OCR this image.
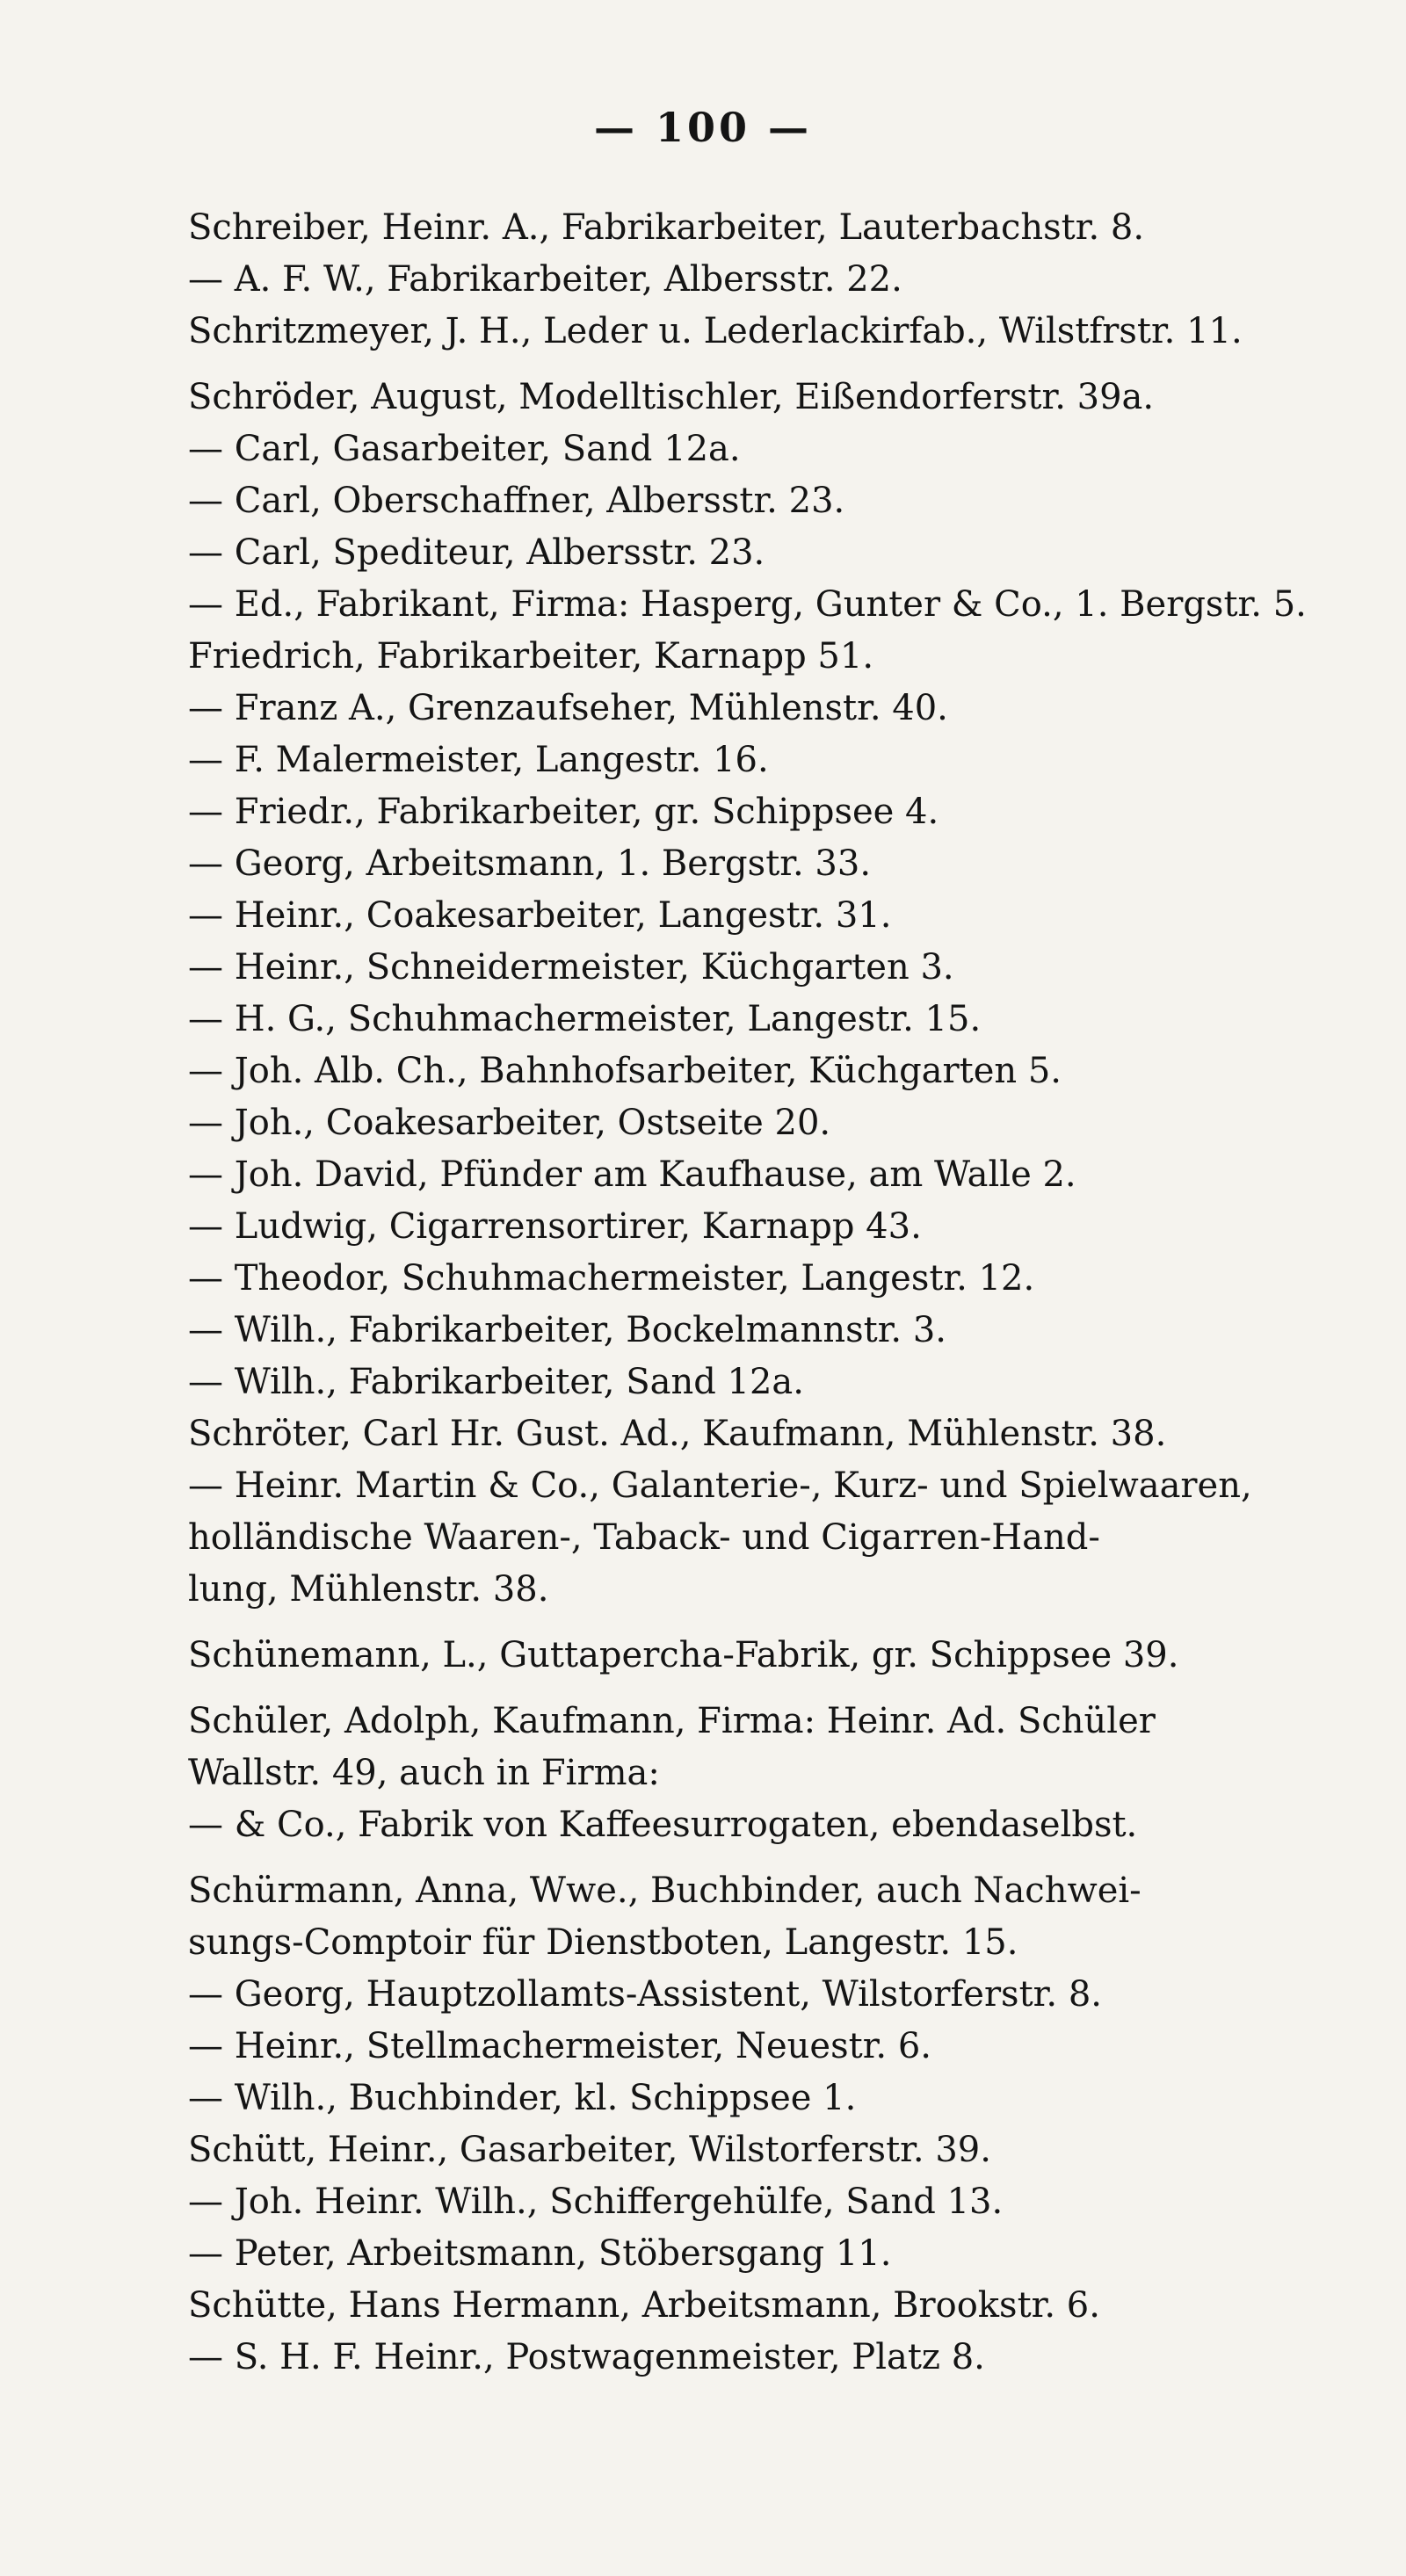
— 100 —

Schreiber, Heinr. A., Fabrikarbeiter, Lauterbachstr. 8.

— A. F. W., Fabrikarbeiter, Albersstr. 22.

Schritzmeyer, J. H., Leder u. Lederlackirfab., Wilstfrstr. 11.

Schröder, August, Modelltischler, Eißendorferstr. 39a.

— Carl, Gasarbeiter, Sand 12a.

— Carl, Oberschaffner, Albersstr. 23.

— Carl, Spediteur, Albersstr. 23.

— Ed., Fabrikant, Firma: Hasperg, Gunter & Co., 1. Bergstr. 5.

Friedrich, Fabrikarbeiter, Karnapp 51.

— Franz A., Grenzaufseher, Mühlenstr. 40.

— F. Malermeister, Langestr. 16.

— Friedr., Fabrikarbeiter, gr. Schippsee 4.

— Georg, Arbeitsmann, 1. Bergstr. 33.

— Heinr., Coakesarbeiter, Langestr. 31.

— Heinr., Schneidermeister, Küchgarten 3.

— H. G., Schuhmachermeister, Langestr. 15.

— Joh. Alb. Ch., Bahnhofsarbeiter, Küchgarten 5.

— Joh., Coakesarbeiter, Ostseite 20.

— Joh. David, Pfünder am Kaufhause, am Walle 2.

— Ludwig, Cigarrensortirer, Karnapp 43.

— Theodor, Schuhmachermeister, Langestr. 12.

— Wilh., Fabrikarbeiter, Bockelmannstr. 3.

— Wilh., Fabrikarbeiter, Sand 12a.

Schröter, Carl Hr. Gust. Ad., Kaufmann, Mühlenstr. 38.

— Heinr. Martin & Co., Galanterie-, Kurz- und Spielwaaren,

holländische Waaren-, Taback- und Cigarren-Hand-

lung, Mühlenstr. 38.

Schünemann, L., Guttapercha-Fabrik, gr. Schippsee 39.

Schüler, Adolph, Kaufmann, Firma: Heinr. Ad. Schüler

Wallstr. 49, auch in Firma:

— & Co., Fabrik von Kaffeesurrogaten, ebendaselbst.

Schürmann, Anna, Wwe., Buchbinder, auch Nachwei-

sungs-Comptoir für Dienstboten, Langestr. 15.

— Georg, Hauptzollamts-Assistent, Wilstorferstr. 8.

— Heinr., Stellmachermeister, Neuestr. 6.

— Wilh., Buchbinder, kl. Schippsee 1.

Schütt, Heinr., Gasarbeiter, Wilstorferstr. 39.

— Joh. Heinr. Wilh., Schiffergehülfe, Sand 13.

— Peter, Arbeitsmann, Stöbersgang 11.

Schütte, Hans Hermann, Arbeitsmann, Brookstr. 6.

— S. H. F. Heinr., Postwagenmeister, Platz 8.
